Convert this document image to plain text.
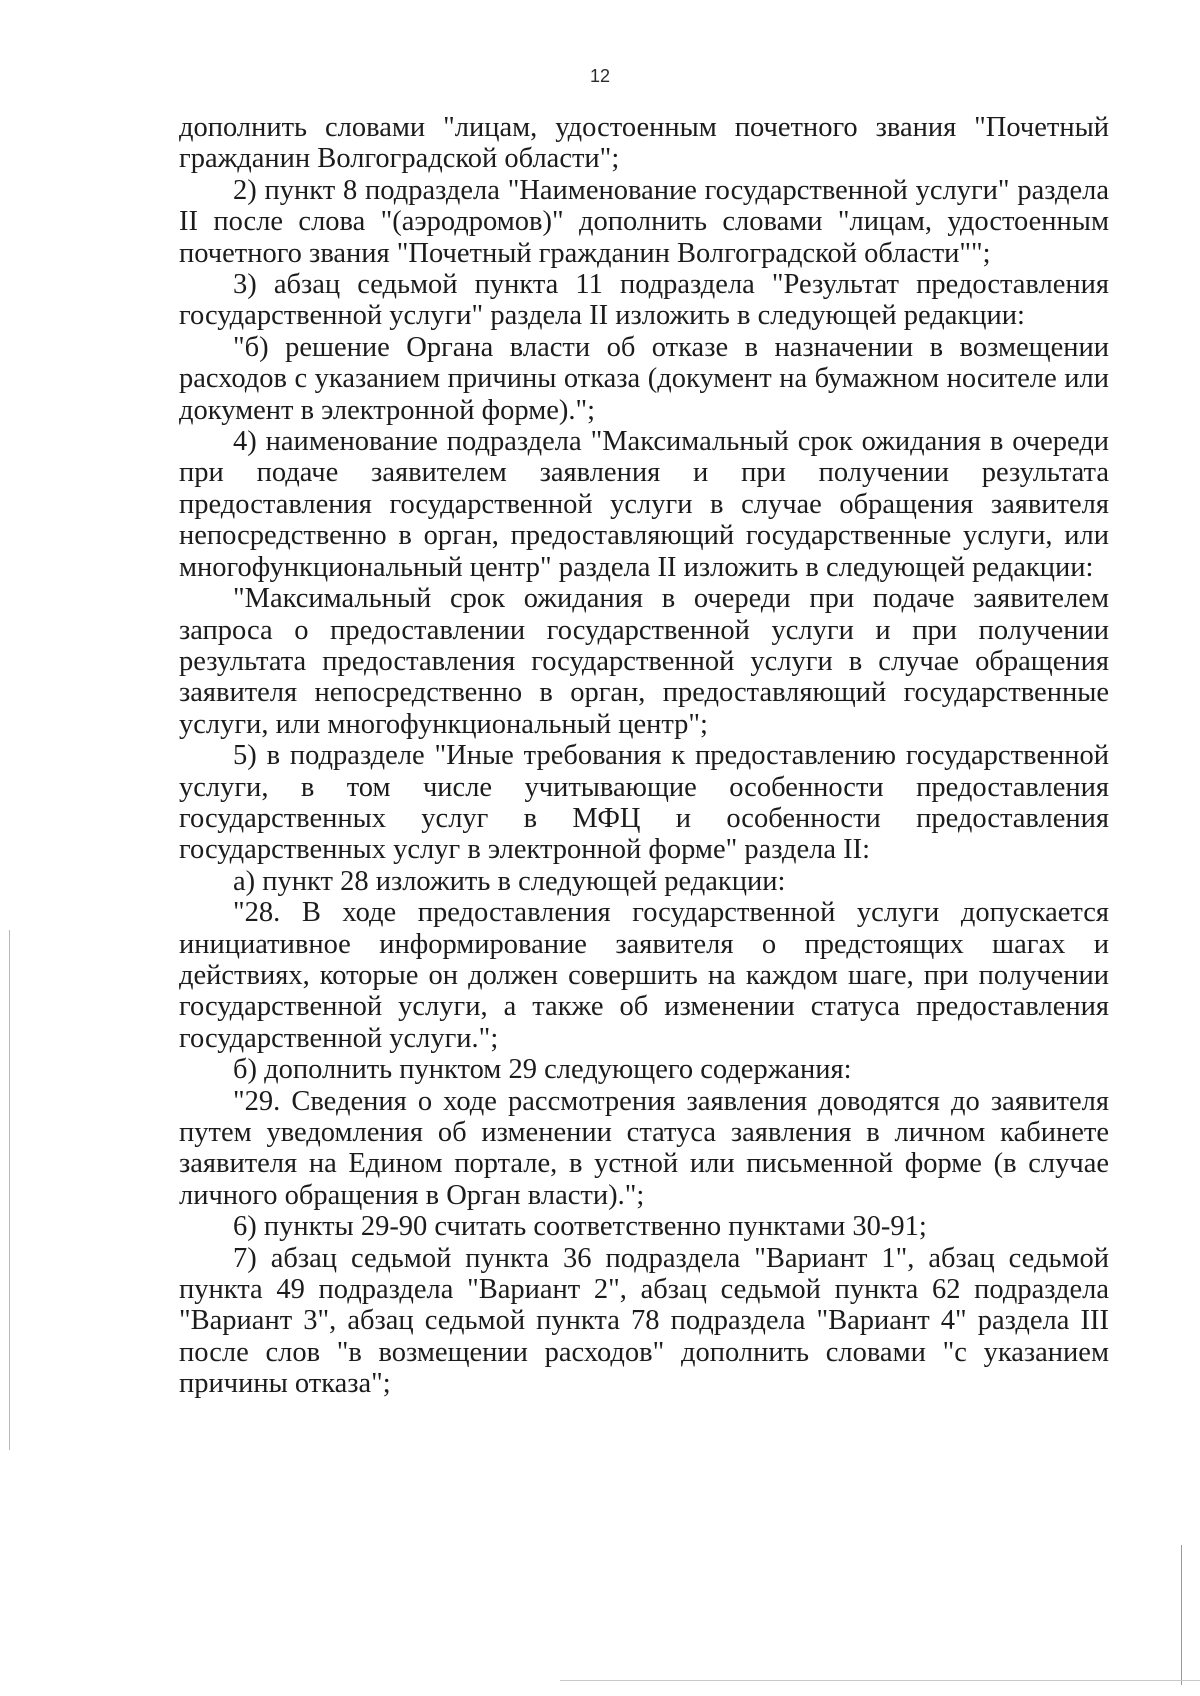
12

дополнить словами "лицам, удостоенным почетного звания "Почетный гражданин Волгоградской области";

2) пункт 8 подраздела "Наименование государственной услуги" раздела II после слова "(аэродромов)" дополнить словами "лицам, удостоенным почетного звания "Почетный гражданин Волгоградской области"";

3) абзац седьмой пункта 11 подраздела "Результат предоставления государственной услуги" раздела II изложить в следующей редакции:

"б) решение Органа власти об отказе в назначении в возмещении расходов с указанием причины отказа (документ на бумажном носителе или документ в электронной форме).";

4) наименование подраздела "Максимальный срок ожидания в очереди при подаче заявителем заявления и при получении результата предоставления государственной услуги в случае обращения заявителя непосредственно в орган, предоставляющий государственные услуги, или многофункциональный центр" раздела II изложить в следующей редакции:

"Максимальный срок ожидания в очереди при подаче заявителем запроса о предоставлении государственной услуги и при получении результата предоставления государственной услуги в случае обращения заявителя непосредственно в орган, предоставляющий государственные услуги, или многофункциональный центр";

5) в подразделе "Иные требования к предоставлению государственной услуги, в том числе учитывающие особенности предоставления государственных услуг в МФЦ и особенности предоставления государственных услуг в электронной форме" раздела II:

а) пункт 28 изложить в следующей редакции:

"28. В ходе предоставления государственной услуги допускается инициативное информирование заявителя о предстоящих шагах и действиях, которые он должен совершить на каждом шаге, при получении государственной услуги, а также об изменении статуса предоставления государственной услуги.";

б) дополнить пунктом 29 следующего содержания:

"29. Сведения о ходе рассмотрения заявления доводятся до заявителя путем уведомления об изменении статуса заявления в личном кабинете заявителя на Едином портале, в устной или письменной форме (в случае личного обращения в Орган власти).";

6) пункты 29-90 считать соответственно пунктами 30-91;

7) абзац седьмой пункта 36 подраздела "Вариант 1", абзац седьмой пункта 49 подраздела "Вариант 2", абзац седьмой пункта 62 подраздела "Вариант 3", абзац седьмой пункта 78 подраздела "Вариант 4" раздела III после слов "в возмещении расходов" дополнить словами "с указанием причины отказа";
